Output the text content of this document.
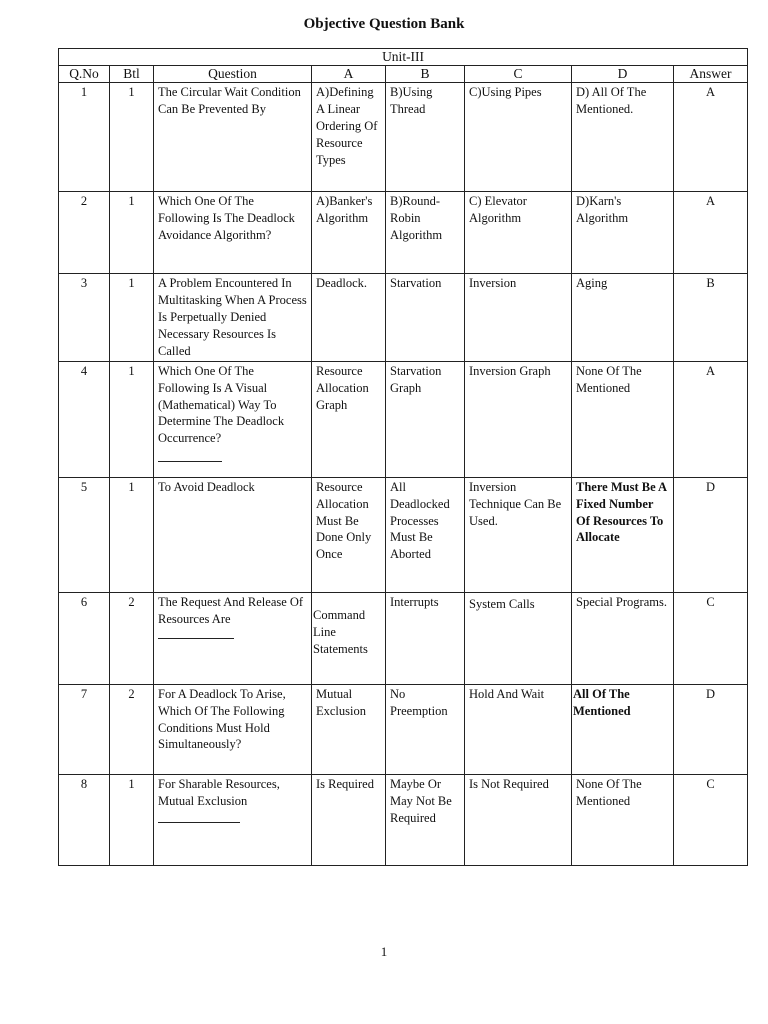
Objective Question Bank
Unit-III							
Q.No	Btl	Question	A	B	C	D	Answer
1	1	The Circular Wait Condition Can Be Prevented By	A)Defining A Linear Ordering Of Resource Types	B)Using Thread	C)Using Pipes	D) All Of The Mentioned.	A
2	1	Which One Of The Following Is The Deadlock Avoidance Algorithm?	A)Banker's Algorithm	B)Round-Robin Algorithm	C) Elevator Algorithm	D)Karn's Algorithm	A
3	1	A Problem Encountered In Multitasking When A Process Is Perpetually Denied Necessary Resources Is Called	Deadlock.	Starvation	Inversion	Aging	B
4	1	Which One Of The Following Is A Visual (Mathematical) Way To Determine The Deadlock Occurrence?	Resource Allocation Graph	Starvation Graph	Inversion Graph	None Of The Mentioned	A
5	1	To Avoid Deadlock	Resource Allocation Must Be Done Only Once	All Deadlocked Processes Must Be Aborted	Inversion Technique Can Be Used.	There Must Be A Fixed Number Of Resources To Allocate	D
6	2	The Request And Release Of Resources Are	Command Line Statements	Interrupts	System Calls	Special Programs.	C
7	2	For A Deadlock To Arise, Which Of The Following Conditions Must Hold Simultaneously?	Mutual Exclusion	No Preemption	Hold And Wait	All Of The Mentioned	D
8	1	For Sharable Resources, Mutual Exclusion	Is Required	Maybe Or May Not Be Required	Is Not Required	None Of The Mentioned	C
1
